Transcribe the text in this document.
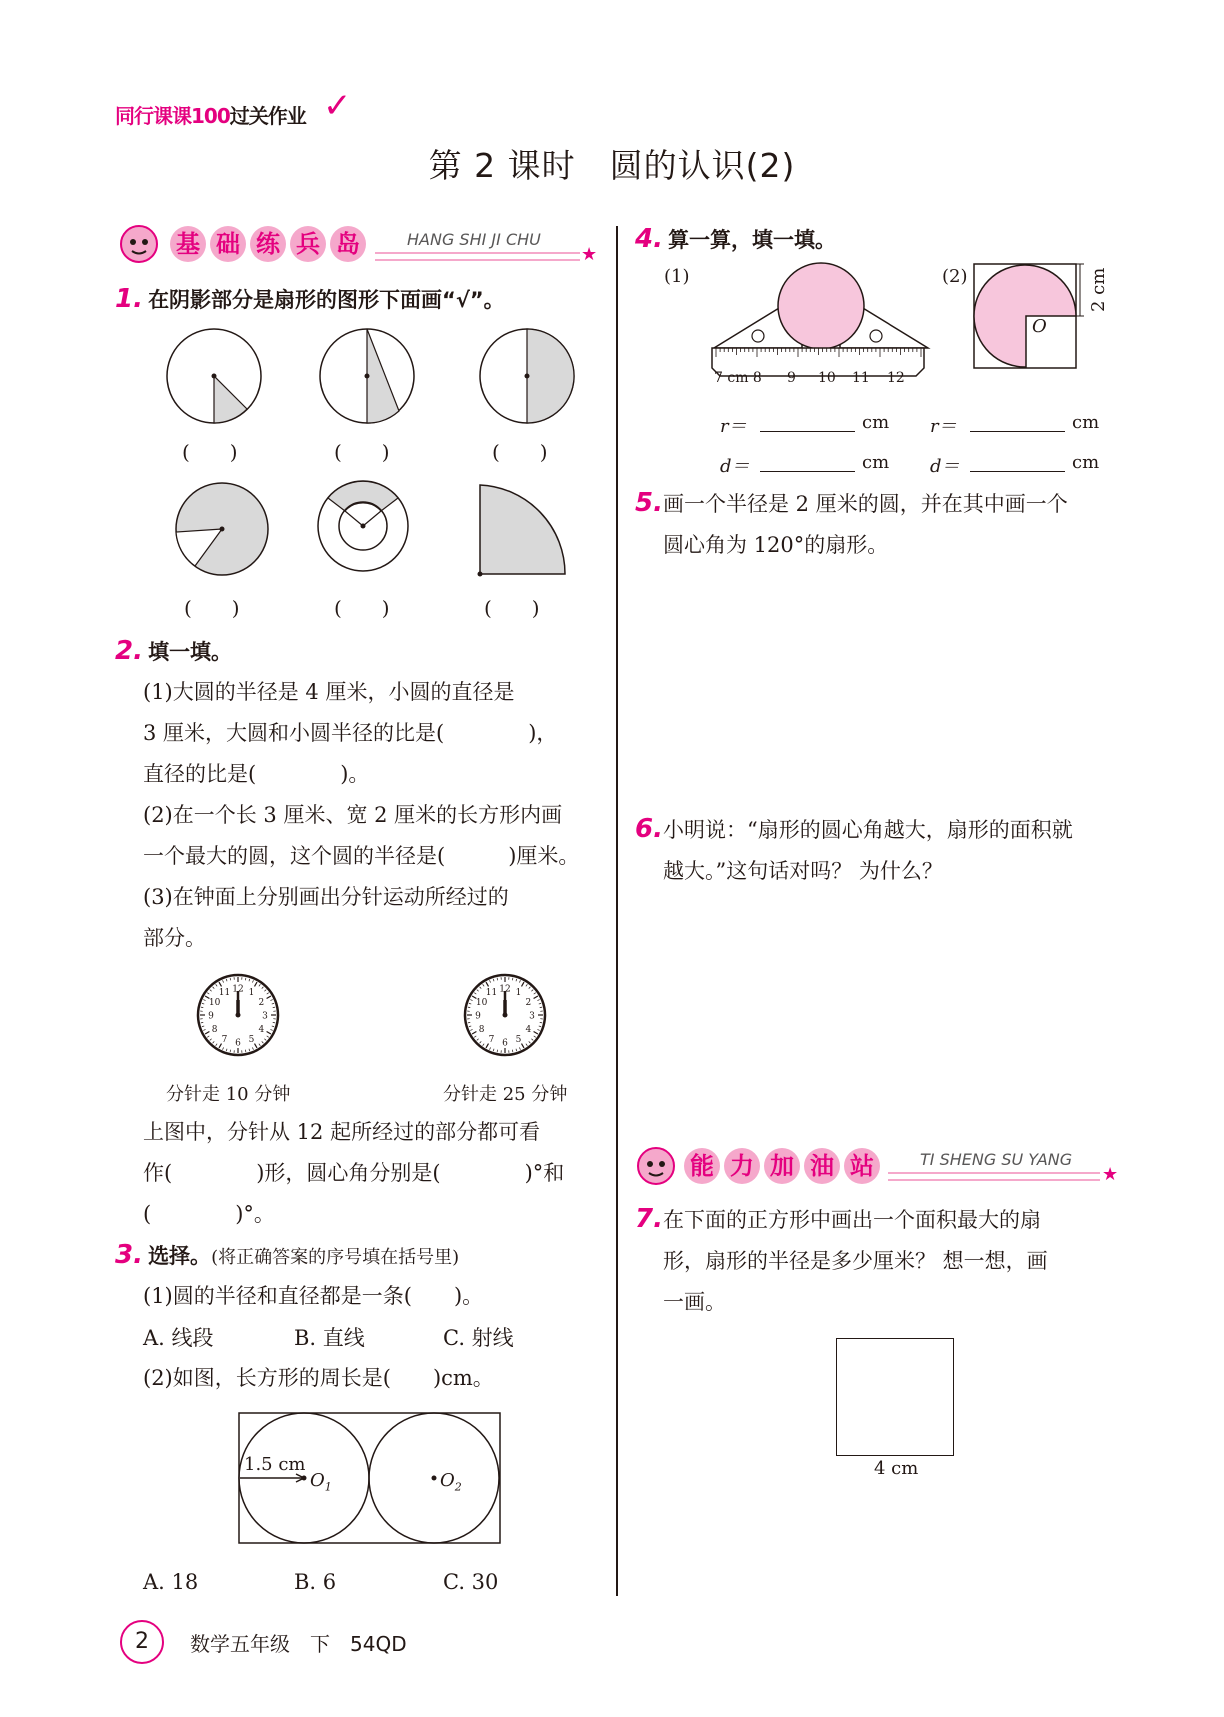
同行课课100过关作业 ✓
第 2 课时　圆的认识(2)
基 础 练 兵 岛	HANG SHI JI CHU
★
1. 在阴影部分是扇形的图形下面画“√”。
(　　)	(　　)	(　　)
(　　)	(　　)	(　　)
2. 填一填。
(1)大圆的半径是 4 厘米，小圆的直径是
3 厘米，大圆和小圆半径的比是(　　　　)，
直径的比是(　　　　)。
(2)在一个长 3 厘米、宽 2 厘米的长方形内画
一个最大的圆，这个圆的半径是(　　　)厘米。
(3)在钟面上分别画出分针运动所经过的
部分。
12 1
2
3
4
5
6
7
8
9
10
11	12 1
2
3
4
5
6
7
8
9
10
11
分针走 10 分钟	分针走 25 分钟
上图中，分针从 12 起所经过的部分都可看
作(　　　　)形，圆心角分别是(　　　　)°和
(　　　　)°。
3. 选择。(将正确答案的序号填在括号里)
(1)圆的半径和直径都是一条(　　)。
A. 线段	B. 直线	C. 射线
(2)如图，长方形的周长是(　　)cm。
1.5 cm
$O_1$	$O_2$
A. 18	B. 6	C. 30
4. 算一算，填一填。
(1)	(2)
7 cm 8 9 10 11 12
2 cm
O
r＝	cm r＝	cm
d＝	cm d＝	cm
5. 画一个半径是 2 厘米的圆，并在其中画一个
圆心角为 120°的扇形。
6. 小明说：“扇形的圆心角越大，扇形的面积就
越大。”这句话对吗？ 为什么？
能 力 加 油 站	TI SHENG SU YANG
★
7. 在下面的正方形中画出一个面积最大的扇
形，扇形的半径是多少厘米？ 想一想，画
一画。
4 cm
2	数学五年级　下　54QD
